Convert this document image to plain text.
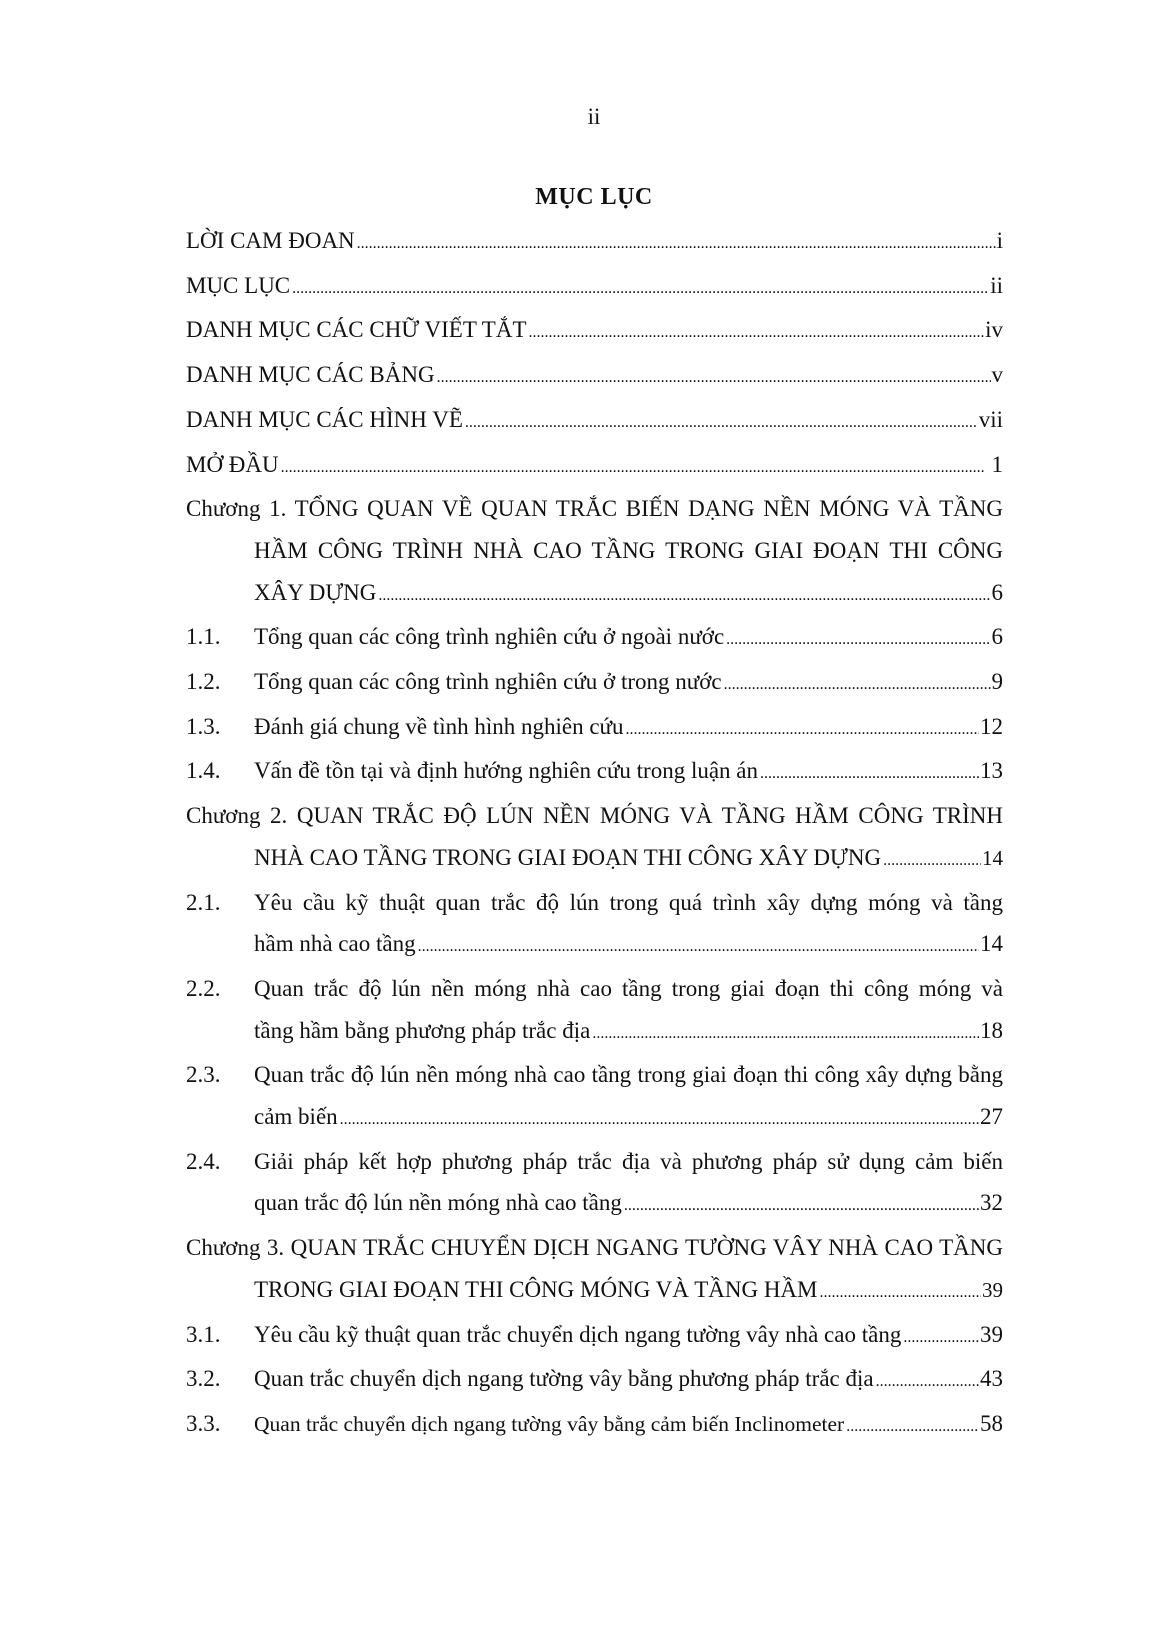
ii
MỤC LỤC
LỜI CAM ĐOAN . . .	i
MỤC LỤC . . .	ii
DANH MỤC CÁC CHỮ VIẾT TẮT . . .	iv
DANH MỤC CÁC BẢNG . . .	v
DANH MỤC CÁC HÌNH VẼ . . .	vii
MỞ ĐẦU . . .	1
Chương 1. TỔNG QUAN VỀ QUAN TRẮC BIẾN DẠNG NỀN MÓNG VÀ TẦNG
HẦM CÔNG TRÌNH NHÀ CAO TẦNG TRONG GIAI ĐOẠN THI CÔNG
XÂY DỰNG . . .	6
1.1.	Tổng quan các công trình nghiên cứu ở ngoài nước . . .	6
1.2.	Tổng quan các công trình nghiên cứu ở trong nước . . .	9
1.3.	Đánh giá chung về tình hình nghiên cứu . . .	12
1.4.	Vấn đề tồn tại và định hướng nghiên cứu trong luận án . . .	13
Chương 2. QUAN TRẮC ĐỘ LÚN NỀN MÓNG VÀ TẦNG HẦM CÔNG TRÌNH
NHÀ CAO TẦNG TRONG GIAI ĐOẠN THI CÔNG XÂY DỰNG . . .	14
2.1.	Yêu cầu kỹ thuật quan trắc độ lún trong quá trình xây dựng móng và tầng
hầm nhà cao tầng . . .	14
2.2.	Quan trắc độ lún nền móng nhà cao tầng trong giai đoạn thi công móng và
tầng hầm bằng phương pháp trắc địa . . .	18
2.3.	Quan trắc độ lún nền móng nhà cao tầng trong giai đoạn thi công xây dựng bằng
cảm biến . . .	27
2.4.	Giải pháp kết hợp phương pháp trắc địa và phương pháp sử dụng cảm biến
quan trắc độ lún nền móng nhà cao tầng . . .	32
Chương 3. QUAN TRẮC CHUYỂN DỊCH NGANG TƯỜNG VÂY NHÀ CAO TẦNG
TRONG GIAI ĐOẠN THI CÔNG MÓNG VÀ TẦNG HẦM . . .	39
3.1.	Yêu cầu kỹ thuật quan trắc chuyển dịch ngang tường vây nhà cao tầng . . .	39
3.2.	Quan trắc chuyển dịch ngang tường vây bằng phương pháp trắc địa . . .	43
3.3.	Quan trắc chuyển dịch ngang tường vây bằng cảm biến Inclinometer . . .	58
